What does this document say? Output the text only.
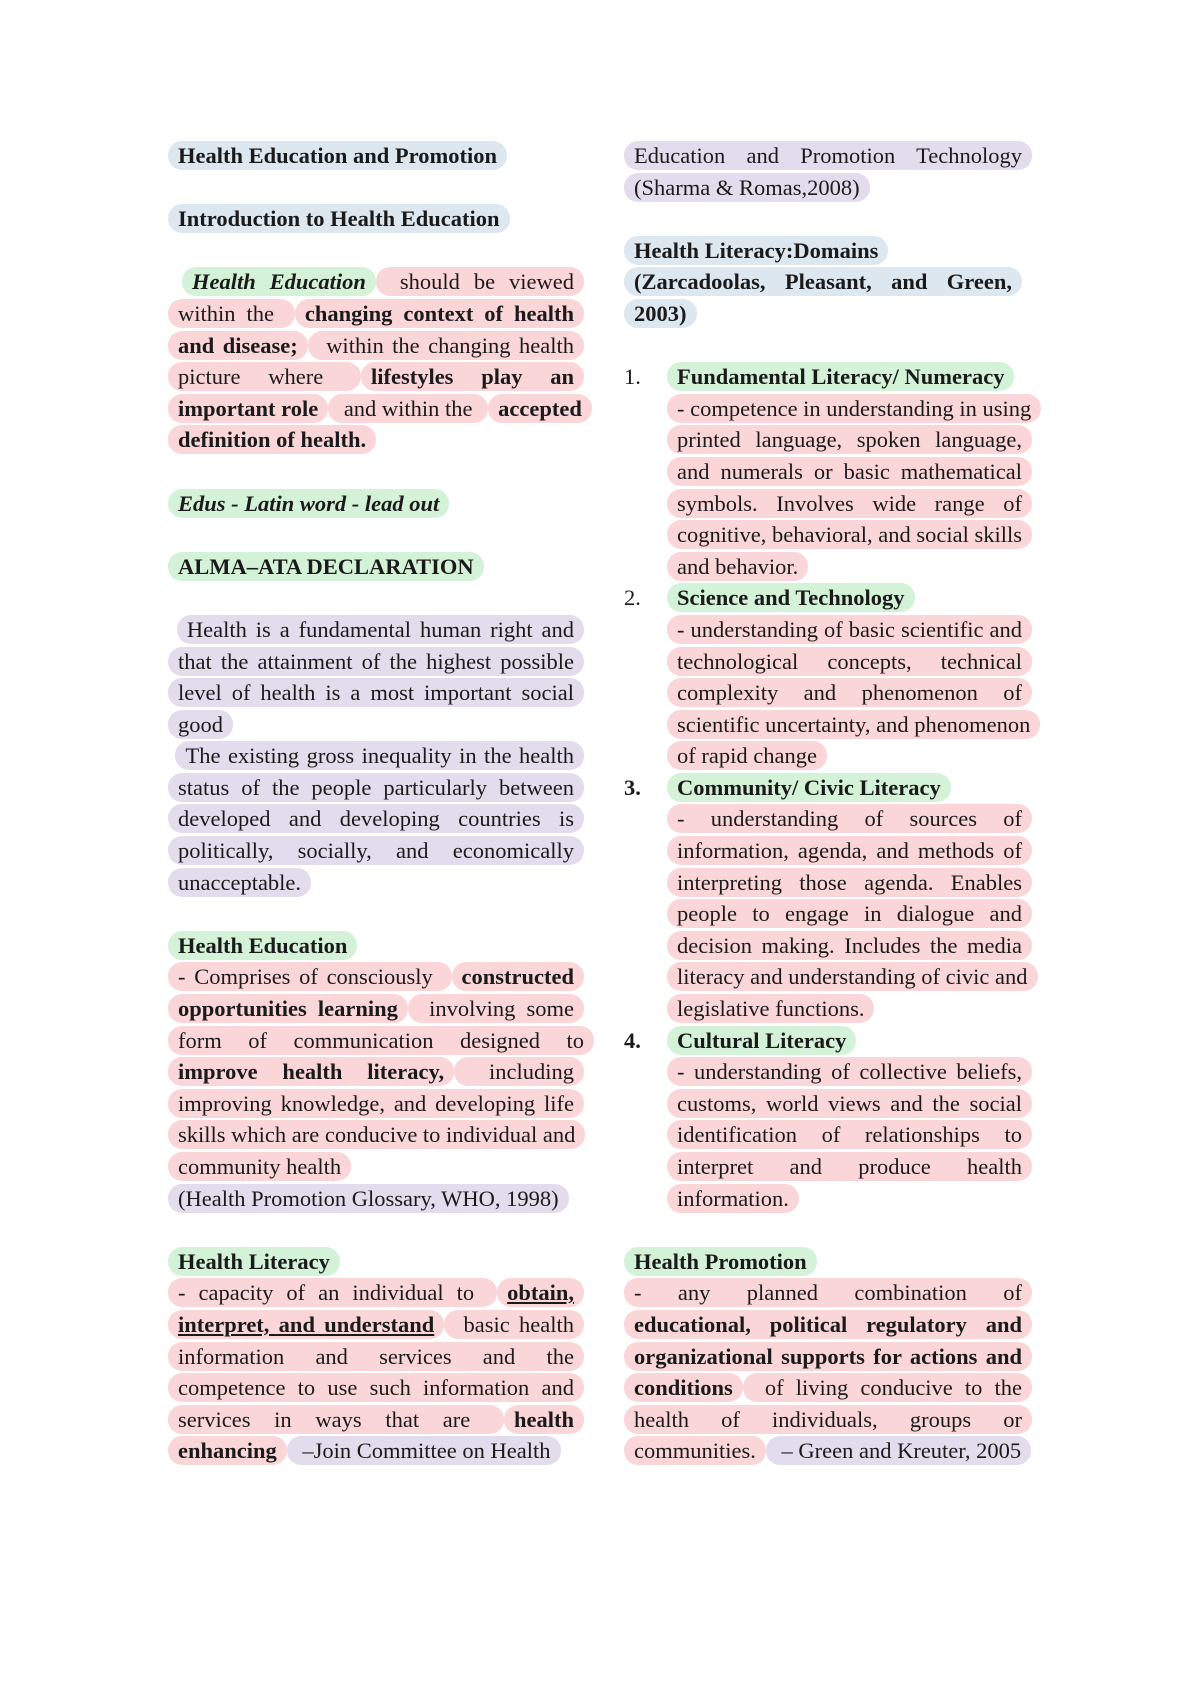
Health Education and Promotion
Introduction to Health Education
Health Education should be viewed within the changing context of health and disease; within the changing health picture where lifestyles play an important role and within the accepted definition of health.
Edus - Latin word - lead out
ALMA–ATA DECLARATION
Health is a fundamental human right and that the attainment of the highest possible level of health is a most important social good
The existing gross inequality in the health status of the people particularly between developed and developing countries is politically, socially, and economically unacceptable.
Health Education
- Comprises of consciously constructed opportunities learning involving some form of communication designed to improve health literacy, including improving knowledge, and developing life skills which are conducive to individual and community health
(Health Promotion Glossary, WHO, 1998)
Health Literacy
- capacity of an individual to obtain, interpret, and understand basic health information and services and the competence to use such information and services in ways that are health enhancing –Join Committee on Health
Education and Promotion Technology (Sharma & Romas,2008)
Health Literacy:Domains
(Zarcadoolas, Pleasant, and Green, 2003)
1.	Fundamental Literacy/ Numeracy
- competence in understanding in using printed language, spoken language, and numerals or basic mathematical symbols. Involves wide range of cognitive, behavioral, and social skills and behavior.
2.	Science and Technology
- understanding of basic scientific and technological concepts, technical complexity and phenomenon of scientific uncertainty, and phenomenon of rapid change
3.	Community/ Civic Literacy
- understanding of sources of information, agenda, and methods of interpreting those agenda. Enables people to engage in dialogue and decision making. Includes the media literacy and understanding of civic and legislative functions.
4.	Cultural Literacy
- understanding of collective beliefs, customs, world views and the social identification of relationships to interpret and produce health information.
Health Promotion
- any planned combination of educational, political regulatory and organizational supports for actions and conditions of living conducive to the health of individuals, groups or communities. – Green and Kreuter, 2005
